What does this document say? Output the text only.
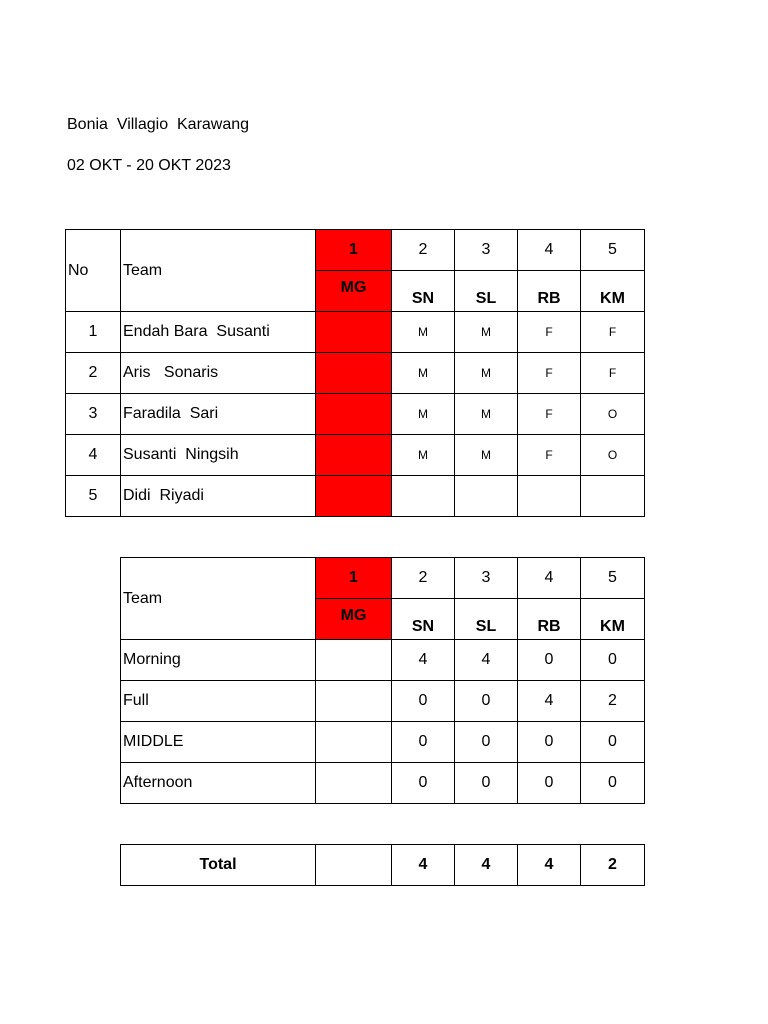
Bonia  Villagio  Karawang
02 OKT - 20 OKT 2023
No	Team	1	2	3	4	5
		MG	SN	SL	RB	KM
1	Endah Bara  Susanti		M	M	F	F
2	Aris   Sonaris		M	M	F	F
3	Faradila  Sari		M	M	F	O
4	Susanti  Ningsih		M	M	F	O
5	Didi  Riyadi					
Team	1	2	3	4	5
	MG	SN	SL	RB	KM
Morning		4	4	0	0
Full		0	0	4	2
MIDDLE		0	0	0	0
Afternoon		0	0	0	0
Total		4	4	4	2
